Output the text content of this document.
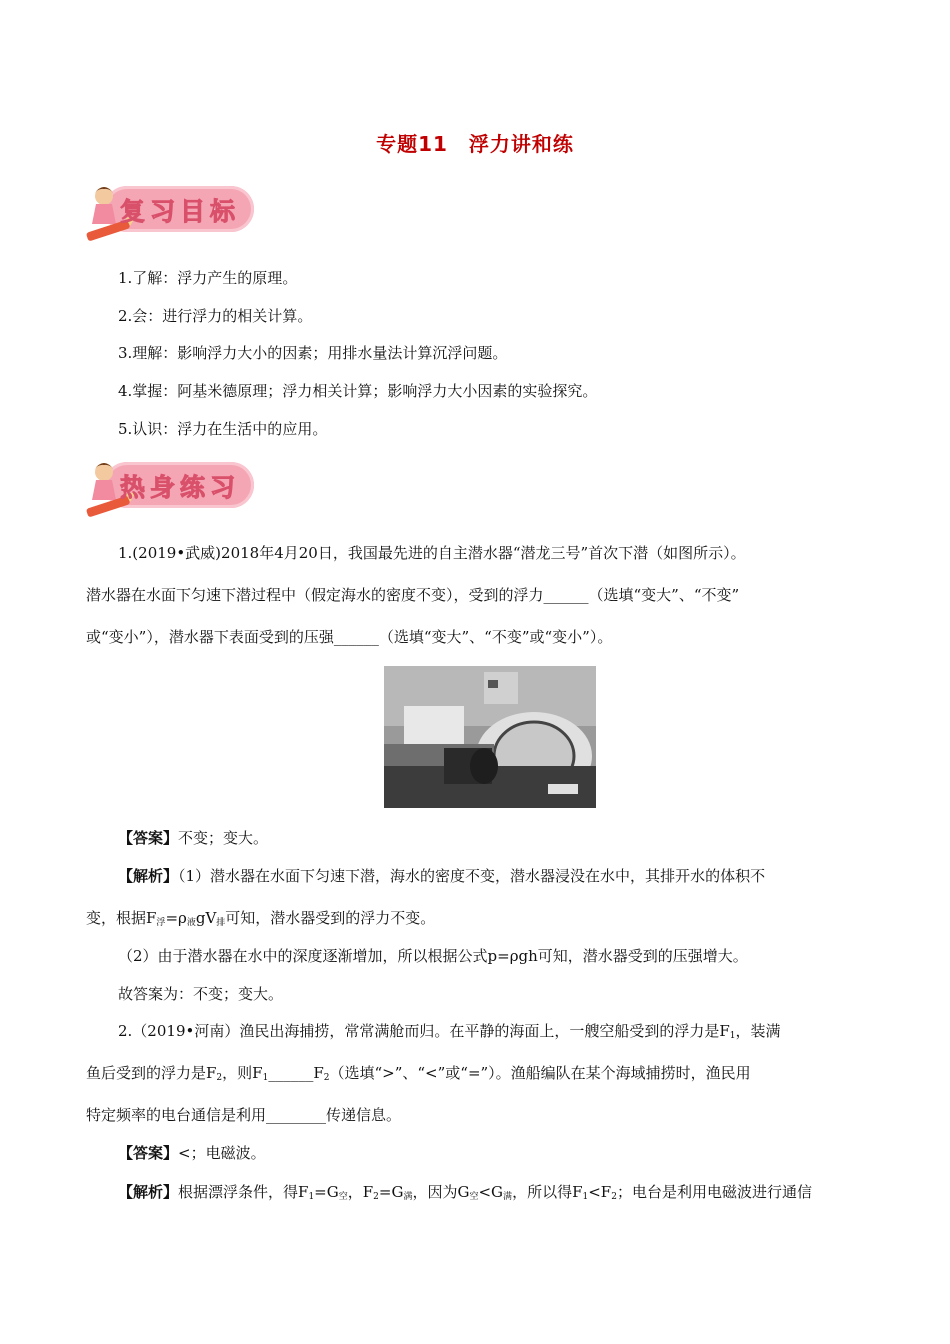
专题11　浮力讲和练
复习目标
1.了解：浮力产生的原理。
2.会：进行浮力的相关计算。
3.理解：影响浮力大小的因素；用排水量法计算沉浮问题。
4.掌握：阿基米德原理；浮力相关计算；影响浮力大小因素的实验探究。
5.认识：浮力在生活中的应用。
热身练习
1.(2019•武威)2018年4月20日，我国最先进的自主潜水器“潜龙三号”首次下潜（如图所示）。
潜水器在水面下匀速下潜过程中（假定海水的密度不变），受到的浮力______（选填“变大”、“不变”
或“变小”），潜水器下表面受到的压强______（选填“变大”、“不变”或“变小”）。
【答案】不变；变大。
【解析】（1）潜水器在水面下匀速下潜，海水的密度不变，潜水器浸没在水中，其排开水的体积不
变，根据$F_浮=\rho_液gV_排$可知，潜水器受到的浮力不变。
（2）由于潜水器在水中的深度逐渐增加，所以根据公式p=ρgh可知，潜水器受到的压强增大。
故答案为：不变；变大。
2.（2019•河南）渔民出海捕捞，常常满舱而归。在平静的海面上，一艘空船受到的浮力是$F_1$，装满
鱼后受到的浮力是$F_2$，则$F_1\_\_\_\_\_\_F_2$（选填“>”、“<”或“=”）。渔船编队在某个海域捕捞时，渔民用
特定频率的电台通信是利用________传递信息。
【答案】<；电磁波。
【解析】根据漂浮条件，得$F_1=G_空$，$F_2=G_满$，因为$G_空<G_满$，所以得$F_1<F_2$；电台是利用电磁波进行通信
